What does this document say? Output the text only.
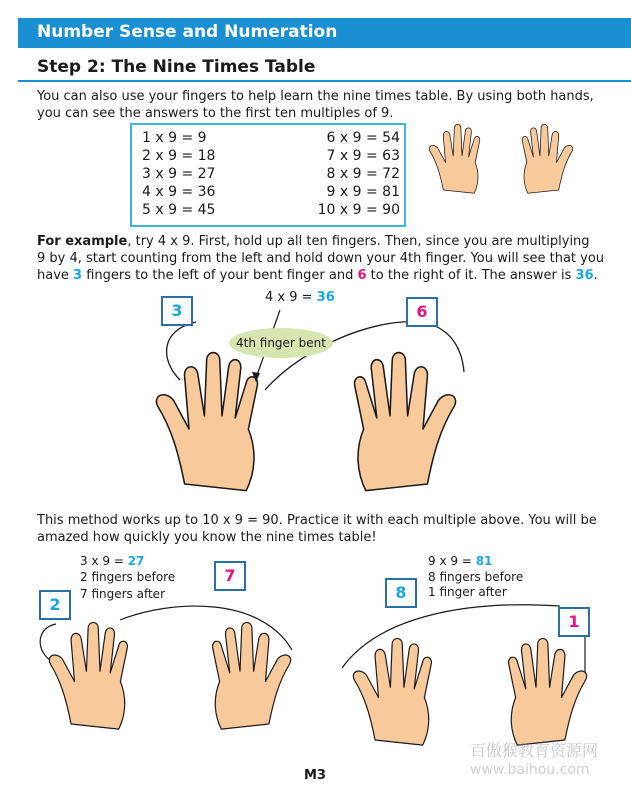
Number Sense and Numeration
Step 2: The Nine Times Table
You can also use your fingers to help learn the nine times table. By using both hands,
you can see the answers to the first ten multiples of 9.
1 x 9 = 9
2 x 9 = 18
3 x 9 = 27
4 x 9 = 36
5 x 9 = 45
6 x 9 = 54
7 x 9 = 63
8 x 9 = 72
9 x 9 = 81
10 x 9 = 90
For example, try 4 x 9. First, hold up all ten fingers. Then, since you are multiplying
9 by 4, start counting from the left and hold down your 4th finger. You will see that you
have 3 fingers to the left of your bent finger and 6 to the right of it. The answer is 36.
4 x 9 = 36
3	6
4th finger bent
This method works up to 10 x 9 = 90. Practice it with each multiple above. You will be
amazed how quickly you know the nine times table!
3 x 9 = 27
2 fingers before
7 fingers after
2
7
9 x 9 = 81
8 fingers before
1 finger after
8
1
M3
百傲猴教育资源网
www.baihou.com
